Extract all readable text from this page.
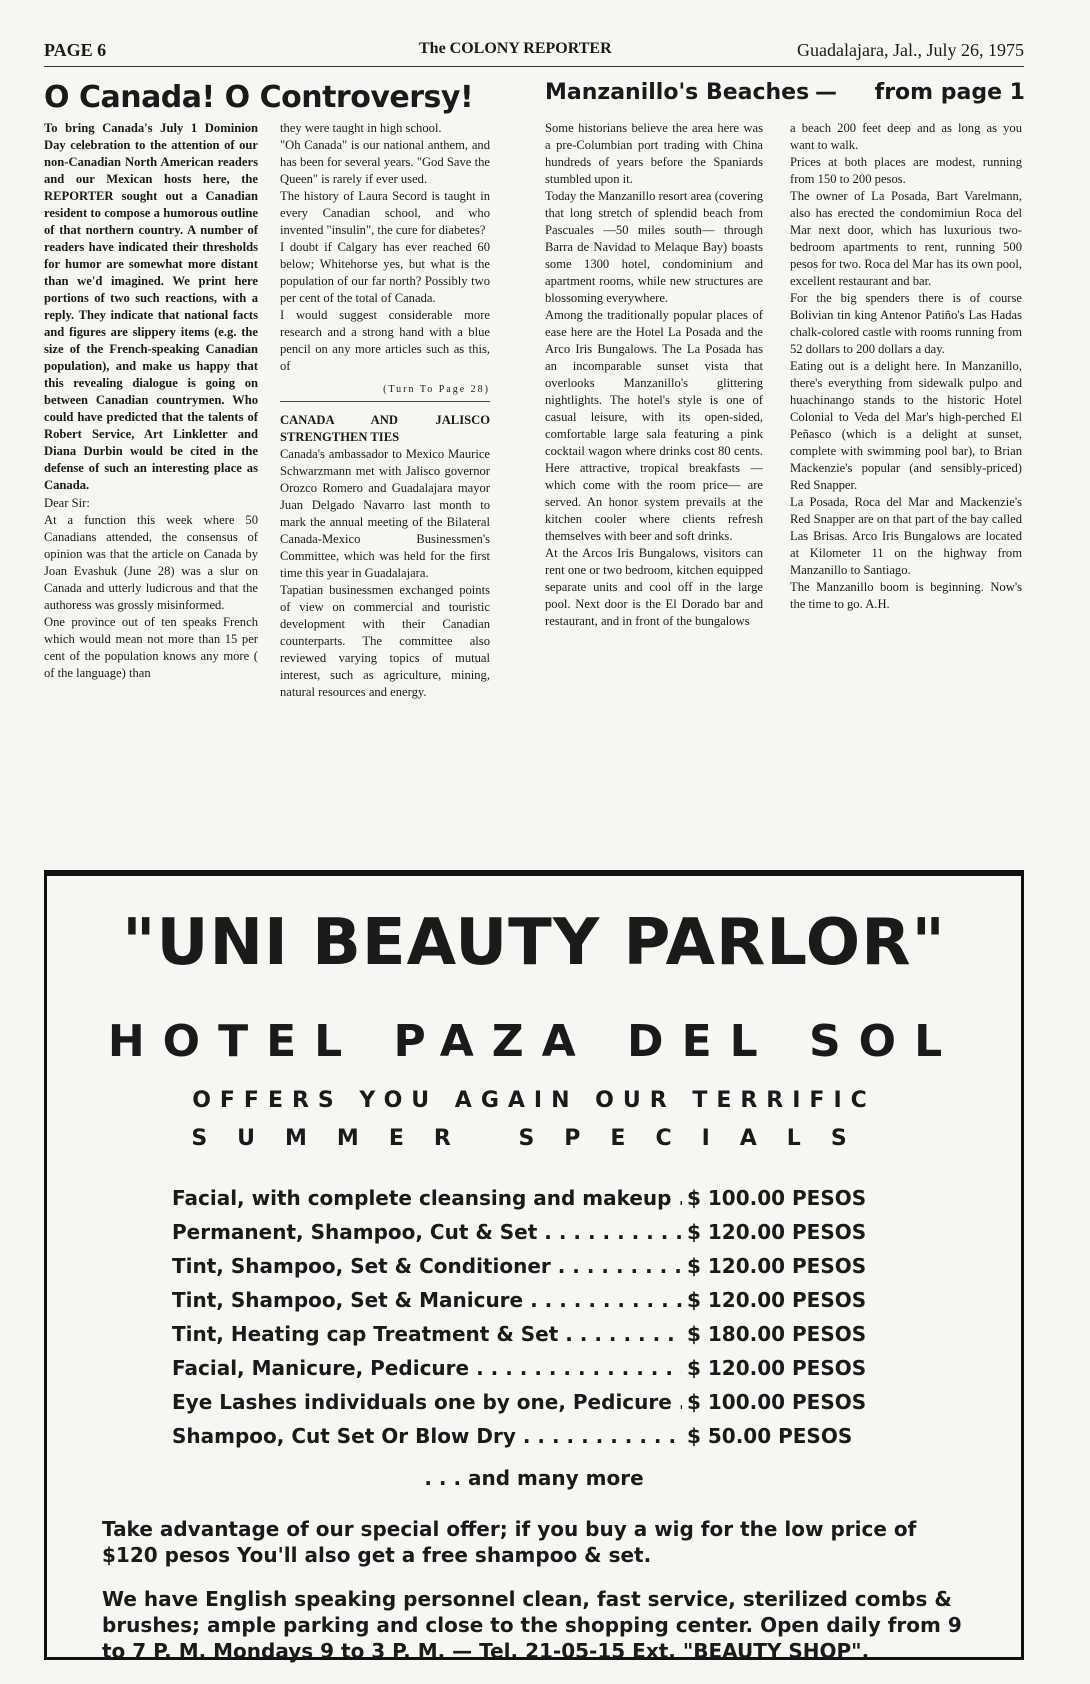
PAGE 6	The COLONY REPORTER	Guadalajara, Jal., July 26, 1975
O Canada! O Controversy!

To bring Canada's July 1 Dominion Day celebration to the attention of our non-Canadian North American readers and our Mexican hosts here, the REPORTER sought out a Canadian resident to compose a humorous outline of that northern country. A number of readers have indicated their thresholds for humor are somewhat more distant than we'd imagined. We print here portions of two such reactions, with a reply. They indicate that national facts and figures are slippery items (e.g. the size of the French-speaking Canadian population), and make us happy that this revealing dialogue is going on between Canadian countrymen. Who could have predicted that the talents of Robert Service, Art Linkletter and Diana Durbin would be cited in the defense of such an interesting place as Canada.

Dear Sir:

At a function this week where 50 Canadians attended, the consensus of opinion was that the article on Canada by Joan Evashuk (June 28) was a slur on Canada and utterly ludicrous and that the authoress was grossly misinformed.

One province out of ten speaks French which would mean not more than 15 per cent of the population knows any more ( of the language) than

they were taught in high school.

"Oh Canada" is our national anthem, and has been for several years. "God Save the Queen" is rarely if ever used.

The history of Laura Secord is taught in every Canadian school, and who invented "insulin", the cure for diabetes?

I doubt if Calgary has ever reached 60 below; Whitehorse yes, but what is the population of our far north? Possibly two per cent of the total of Canada.

I would suggest considerable more research and a strong hand with a blue pencil on any more articles such as this, of

(Turn To Page 28)

CANADA AND JALISCO STRENGTHEN TIES

Canada's ambassador to Mexico Maurice Schwarzmann met with Jalisco governor Orozco Romero and Guadalajara mayor Juan Delgado Navarro last month to mark the annual meeting of the Bilateral Canada-Mexico Businessmen's Committee, which was held for the first time this year in Guadalajara.

Tapatian businessmen exchanged points of view on commercial and touristic development with their Canadian counterparts. The committee also reviewed varying topics of mutual interest, such as agriculture, mining, natural resources and energy.

Manzanillo's Beaches — from page 1

Some historians believe the area here was a pre-Columbian port trading with China hundreds of years before the Spaniards stumbled upon it.

Today the Manzanillo resort area (covering that long stretch of splendid beach from Pascuales —50 miles south— through Barra de Navidad to Melaque Bay) boasts some 1300 hotel, condominium and apartment rooms, while new structures are blossoming everywhere.

Among the traditionally popular places of ease here are the Hotel La Posada and the Arco Iris Bungalows. The La Posada has an incomparable sunset vista that overlooks Manzanillo's glittering nightlights. The hotel's style is one of casual leisure, with its open-sided, comfortable large sala featuring a pink cocktail wagon where drinks cost 80 cents. Here attractive, tropical breakfasts —which come with the room price— are served. An honor system prevails at the kitchen cooler where clients refresh themselves with beer and soft drinks.

At the Arcos Iris Bungalows, visitors can rent one or two bedroom, kitchen equipped separate units and cool off in the large pool. Next door is the El Dorado bar and restaurant, and in front of the bungalows

a beach 200 feet deep and as long as you want to walk.

Prices at both places are modest, running from 150 to 200 pesos.

The owner of La Posada, Bart Varelmann, also has erected the condomimiun Roca del Mar next door, which has luxurious two-bedroom apartments to rent, running 500 pesos for two. Roca del Mar has its own pool, excellent restaurant and bar.

For the big spenders there is of course Bolivian tin king Antenor Patiño's Las Hadas chalk-colored castle with rooms running from 52 dollars to 200 dollars a day.

Eating out is a delight here. In Manzanillo, there's everything from sidewalk pulpo and huachinango stands to the historic Hotel Colonial to Veda del Mar's high-perched El Peñasco (which is a delight at sunset, complete with swimming pool bar), to Brian Mackenzie's popular (and sensibly-priced) Red Snapper.

La Posada, Roca del Mar and Mackenzie's Red Snapper are on that part of the bay called Las Brisas. Arco Iris Bungalows are located at Kilometer 11 on the highway from Manzanillo to Santiago.

The Manzanillo boom is beginning. Now's the time to go. A.H.

"UNI BEAUTY PARLOR"
HOTEL PAZA DEL SOL
OFFERS YOU AGAIN OUR TERRIFIC
SUMMER SPECIALS
Facial, with complete cleansing and makeup . . . $ 100.00 PESOS
Permanent, Shampoo, Cut & Set . . .	$ 120.00 PESOS
Tint, Shampoo, Set & Conditioner . . .	$ 120.00 PESOS
Tint, Shampoo, Set & Manicure . . .	$ 120.00 PESOS
Tint, Heating cap Treatment & Set . . .	$ 180.00 PESOS
Facial, Manicure, Pedicure . . .	$ 120.00 PESOS
Eye Lashes individuals one by one, Pedicure . . . $ 100.00 PESOS
Shampoo, Cut Set Or Blow Dry . . .	$ 50.00 PESOS
. . . and many more
Take advantage of our special offer; if you buy a wig for the low price of $120 pesos You'll also get a free shampoo & set.
We have English speaking personnel clean, fast service, sterilized combs & brushes; ample parking and close to the shopping center. Open daily from 9 to 7 P. M. Mondays 9 to 3 P. M. — Tel. 21-05-15 Ext. "BEAUTY SHOP".
